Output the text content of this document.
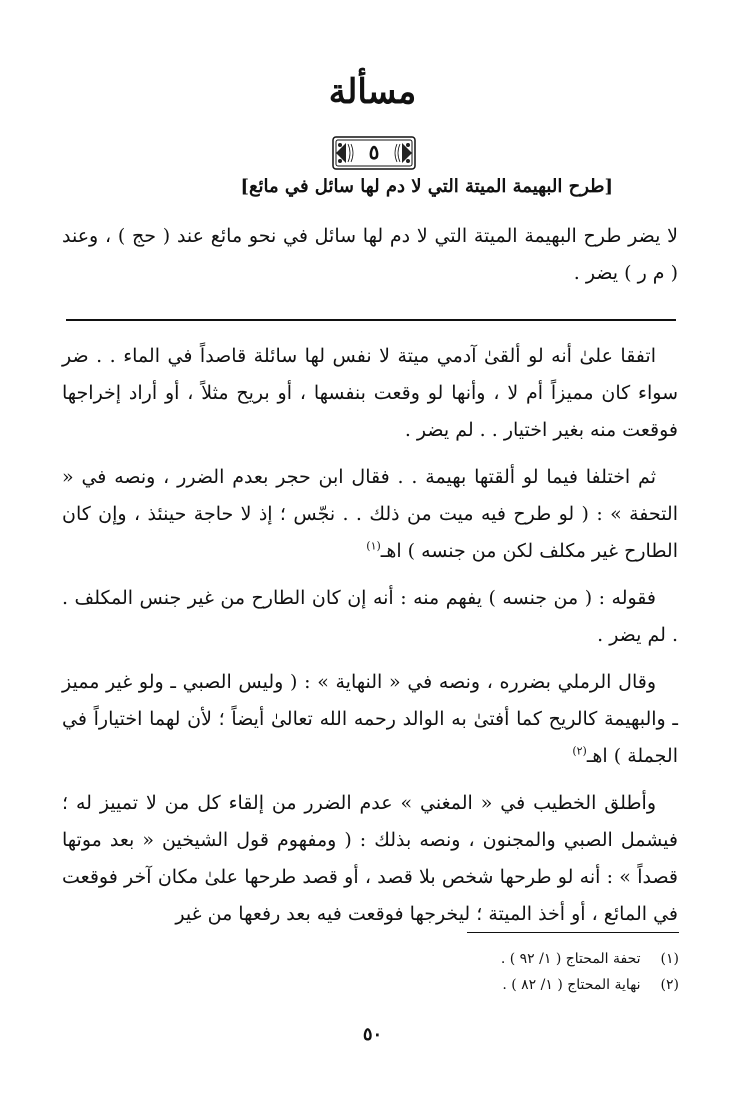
مسألة
٥
[طرح البهيمة الميتة التي لا دم لها سائل في مائع]

لا يضر طرح البهيمة الميتة التي لا دم لها سائل في نحو مائع عند ( حج ) ، وعند ( م ر ) يضر .

اتفقا علىٰ أنه لو ألقىٰ آدمي ميتة لا نفس لها سائلة قاصداً في الماء . . ضر سواء كان مميزاً أم لا ، وأنها لو وقعت بنفسها ، أو بريح مثلاً ، أو أراد إخراجها فوقعت منه بغير اختيار . . لم يضر .

ثم اختلفا فيما لو ألقتها بهيمة . . فقال ابن حجر بعدم الضرر ، ونصه في « التحفة » : ( لو طرح فيه ميت من ذلك . . نجّس ؛ إذ لا حاجة حينئذ ، وإن كان الطارح غير مكلف لكن من جنسه ) اهـ$^{(١)}$

فقوله : ( من جنسه ) يفهم منه : أنه إن كان الطارح من غير جنس المكلف . . لم يضر .

وقال الرملي بضرره ، ونصه في « النهاية » : ( وليس الصبي ـ ولو غير مميز ـ والبهيمة كالريح كما أفتىٰ به الوالد رحمه الله تعالىٰ أيضاً ؛ لأن لهما اختياراً في الجملة ) اهـ$^{(٢)}$

وأطلق الخطيب في « المغني » عدم الضرر من إلقاء كل من لا تمييز له ؛ فيشمل الصبي والمجنون ، ونصه بذلك : ( ومفهوم قول الشيخين « بعد موتها قصداً » : أنه لو طرحها شخص بلا قصد ، أو قصد طرحها علىٰ مكان آخر فوقعت في المائع ، أو أخذ الميتة ؛ ليخرجها فوقعت فيه بعد رفعها من غير

(١) تحفة المحتاج ( ١/ ٩٢ ) .
(٢) نهاية المحتاج ( ١/ ٨٢ ) .
٥٠
